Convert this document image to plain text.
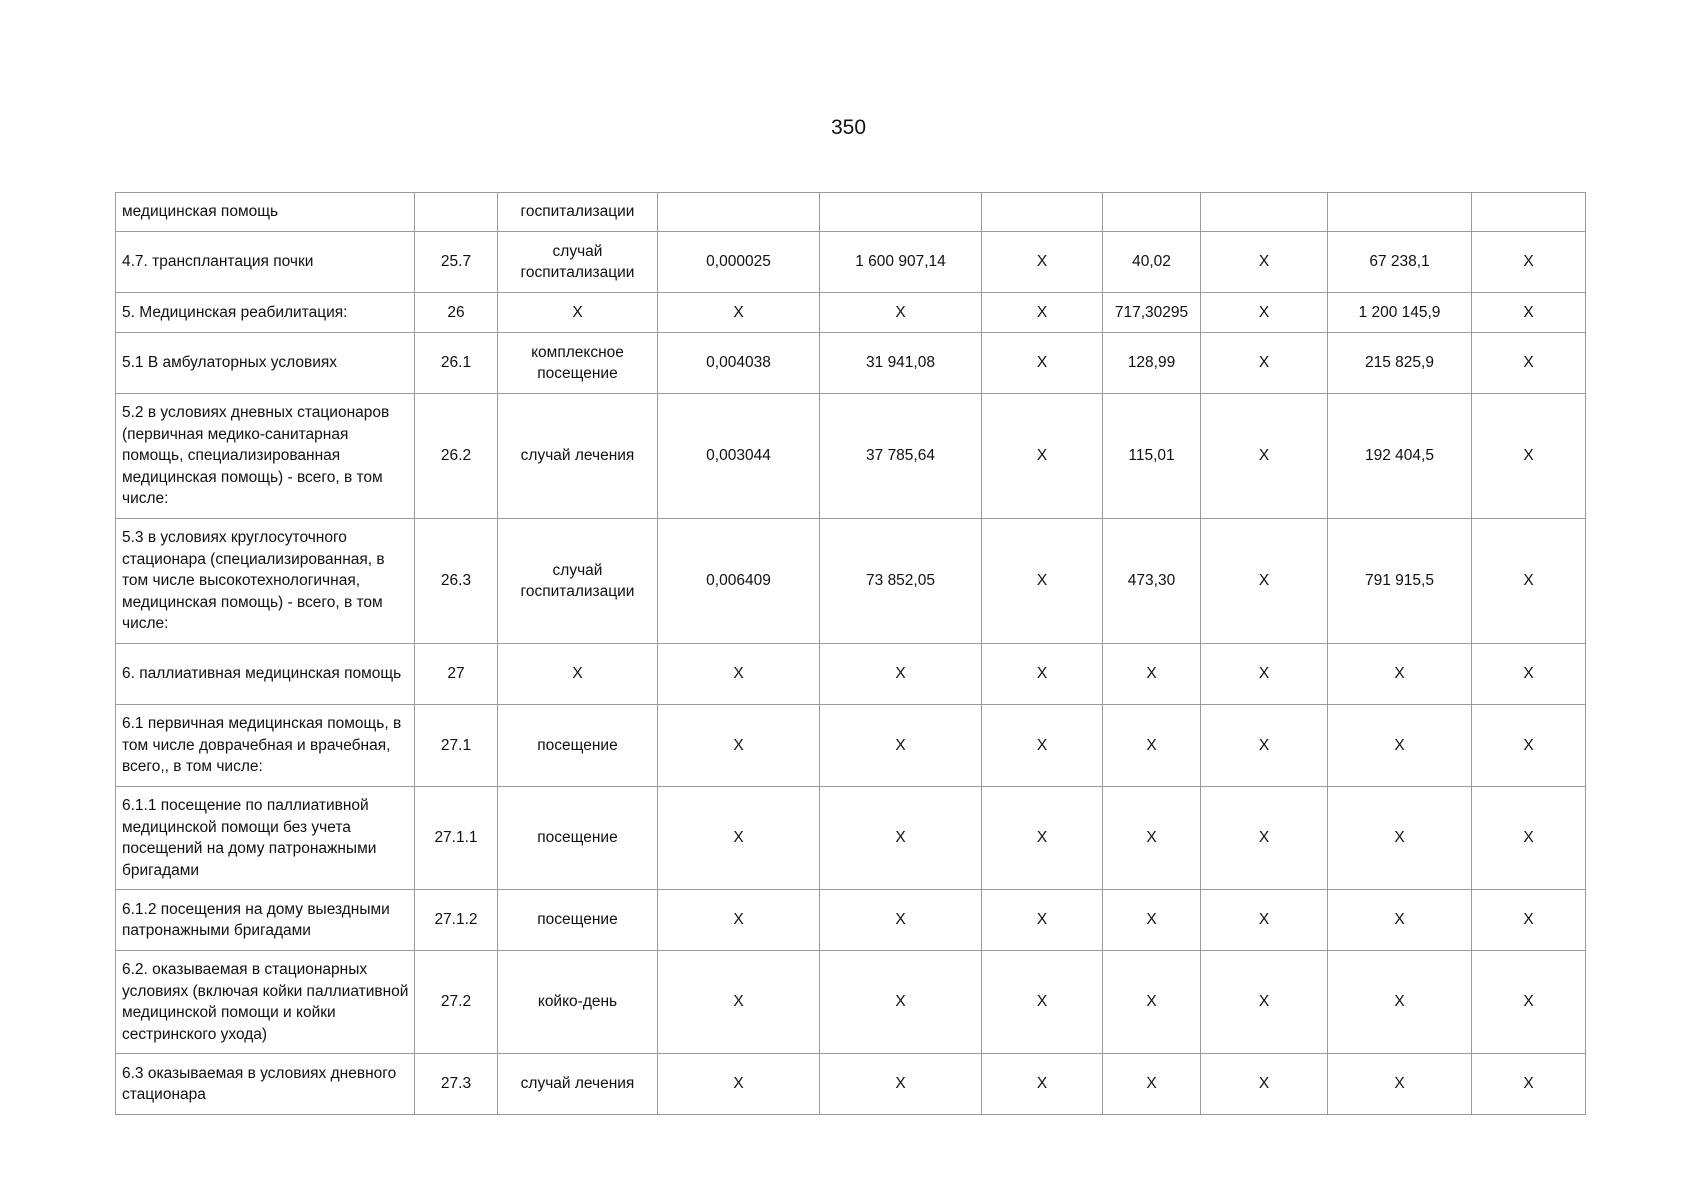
350
медицинская помощь		госпитализации							
4.7. трансплантация почки	25.7	случай госпитализации	0,000025	1 600 907,14	X	40,02	X	67 238,1	X
5. Медицинская реабилитация:	26	X	X	X	X	717,30295	X	1 200 145,9	X
5.1 В амбулаторных условиях	26.1	комплексное посещение	0,004038	31 941,08	X	128,99	X	215 825,9	X
5.2 в условиях дневных стационаров (первичная медико-санитарная помощь, специализированная медицинская помощь) - всего, в том числе:	26.2	случай лечения	0,003044	37 785,64	X	115,01	X	192 404,5	X
5.3 в условиях круглосуточного стационара (специализированная, в том числе высокотехнологичная, медицинская помощь) - всего, в том числе:	26.3	случай госпитализации	0,006409	73 852,05	X	473,30	X	791 915,5	X
6. паллиативная медицинская помощь	27	X	X	X	X	X	X	X	X
6.1 первичная медицинская помощь, в том числе доврачебная и врачебная, всего,, в том числе:	27.1	посещение	X	X	X	X	X	X	X
6.1.1 посещение по паллиативной медицинской помощи без учета посещений на дому патронажными бригадами	27.1.1	посещение	X	X	X	X	X	X	X
6.1.2 посещения на дому выездными патронажными бригадами	27.1.2	посещение	X	X	X	X	X	X	X
6.2. оказываемая в стационарных условиях (включая койки паллиативной медицинской помощи и койки сестринского ухода)	27.2	койко-день	X	X	X	X	X	X	X
6.3 оказываемая в условиях дневного стационара	27.3	случай лечения	X	X	X	X	X	X	X
